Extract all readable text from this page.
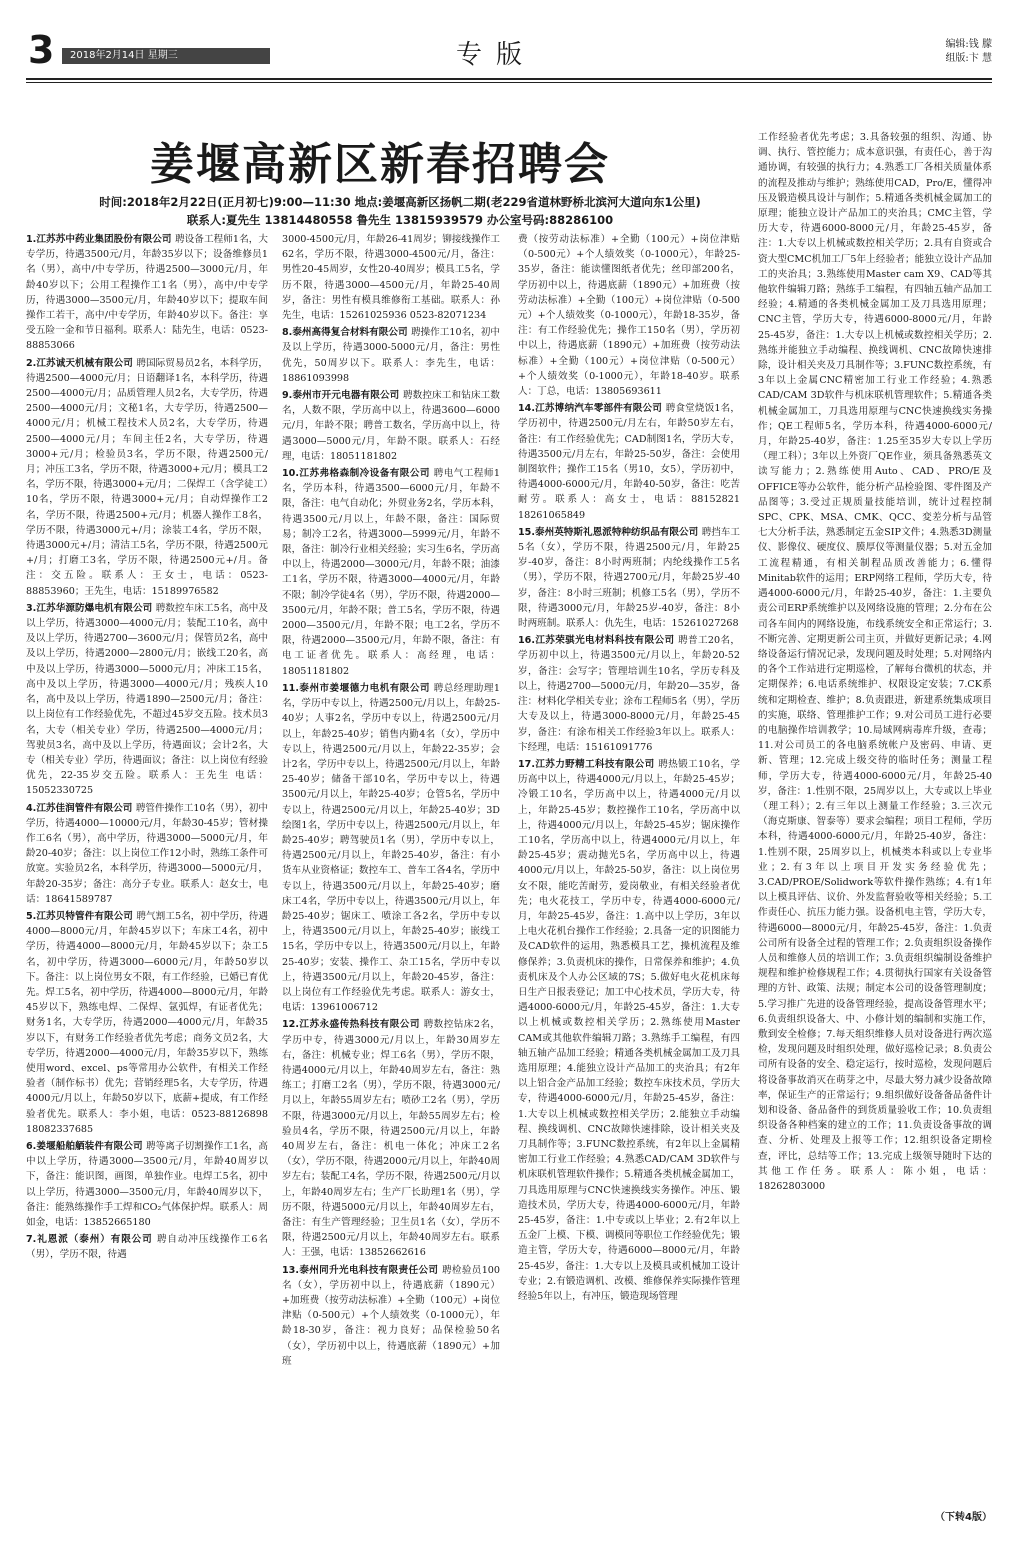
3	2018年2月14日 星期三	专版	编辑:钱 朦
组版:卞 慧
姜堰高新区新春招聘会
时间:2018年2月22日(正月初七)9:00—11:30 地点:姜堰高新区扬帆二期(老229省道林野桥北滨河大道向东1公里)
联系人:夏先生 13814480558 鲁先生 13815939579 办公室号码:88286100

1.江苏苏中药业集团股份有限公司 聘设备工程师1名，大专学历，待遇3500元/月，年龄35岁以下；设备维修员1名（男），高中/中专学历，待遇2500—3000元/月，年龄40岁以下；公用工程操作工1名（男），高中/中专学历，待遇3000—3500元/月，年龄40岁以下；提取车间操作工若干，高中/中专学历，年龄40岁以下。备注：享受五险一金和节日福利。联系人：陆先生，电话：0523-88853066

2.江苏诚天机械有限公司 聘国际贸易员2名，本科学历，待遇2500—4000元/月；日语翻译1名，本科学历，待遇2500—4000元/月；品质管理人员2名，大专学历，待遇2500—4000元/月；文秘1名，大专学历，待遇2500—4000元/月；机械工程技术人员2名，大专学历，待遇2500—4000元/月；车间主任2名，大专学历，待遇3000+元/月；检验员3名，学历不限，待遇2500元/月；冲压工3名，学历不限，待遇3000+元/月；模具工2名，学历不限，待遇3000+元/月；二保焊工（含学徒工）10名，学历不限，待遇3000+元/月；自动焊操作工2名，学历不限，待遇2500+元/月；机器人操作工8名，学历不限，待遇3000元+/月；涂装工4名，学历不限，待遇3000元+/月；清洁工5名，学历不限，待遇2500元+/月；打磨工3名，学历不限，待遇2500元+/月。备注：交五险。联系人：王女士，电话：0523-88853960；王先生，电话：15189976582

3.江苏华源防爆电机有限公司 聘数控车床工5名，高中及以上学历，待遇3000—4000元/月；装配工10名，高中及以上学历，待遇2700—3600元/月；保管员2名，高中及以上学历，待遇2000—2800元/月；嵌线工20名，高中及以上学历，待遇3000—5000元/月；冲床工15名，高中及以上学历，待遇3000—4000元/月；残疾人10名，高中及以上学历，待遇1890—2500元/月；备注：以上岗位有工作经验优先，不超过45岁交五险。技术员3名，大专（相关专业）学历，待遇2500—4000元/月；驾驶员3名，高中及以上学历，待遇面议；会计2名，大专（相关专业）学历，待遇面议；备注：以上岗位有经验优先，22-35岁交五险。联系人：王先生 电话：15052330725

4.江苏佳润管件有限公司 聘管件操作工10名（男），初中学历，待遇4000—10000元/月，年龄30-45岁；管材操作工6名（男），高中学历，待遇3000—5000元/月，年龄20-40岁；备注：以上岗位工作12小时，熟练工条件可放宽。实验员2名，本科学历，待遇3000—5000元/月，年龄20-35岁；备注：高分子专业。联系人：赵女士，电话：18641589787

5.江苏贝特管件有限公司 聘气割工5名，初中学历，待遇4000—8000元/月，年龄45岁以下；车床工4名，初中学历，待遇4000—8000元/月，年龄45岁以下；杂工5名，初中学历，待遇3000—6000元/月，年龄50岁以下。备注：以上岗位男女不限，有工作经验，已婚已育优先。焊工5名，初中学历，待遇4000—8000元/月，年龄45岁以下，熟练电焊、二保焊、氩弧焊，有证者优先；财务1名，大专学历，待遇2000—4000元/月，年龄35岁以下，有财务工作经验者优先考虑；商务文员2名，大专学历，待遇2000—4000元/月，年龄35岁以下，熟练使用word、excel、ps等常用办公软件，有相关工作经验者（制作标书）优先；营销经理5名，大专学历，待遇4000元/月以上，年龄50岁以下，底薪+提成，有工作经验者优先。联系人：李小姐，电话：0523-88126898 18082337685

6.姜堰船舶舾装件有限公司 聘等离子切割操作工1名，高中以上学历，待遇3000—3500元/月，年龄40周岁以下，备注：能识图，画图，单独作业。电焊工5名，初中以上学历，待遇3000—3500元/月，年龄40周岁以下，备注：能熟练操作手工焊和CO₂气体保护焊。联系人：周如金，电话：13852665180

7.礼恩派（泰州）有限公司 聘自动冲压线操作工6名（男），学历不限，待遇

3000-4500元/月，年龄26-41周岁；铆接线操作工62名，学历不限，待遇3000-4500元/月，备注：男性20-45周岁，女性20-40周岁；模具工5名，学历不限，待遇3000—4500元/月，年龄25-40周岁，备注：男性有模具维修衔工基础。联系人：孙先生，电话：15261025936 0523-82071234

8.泰州高得复合材料有限公司 聘操作工10名，初中及以上学历，待遇3000-5000元/月，备注：男性优先，50周岁以下。联系人：李先生，电话：18861093998

9.泰州市开元电器有限公司 聘数控床工和钻床工数名，人数不限，学历高中以上，待遇3600—6000元/月，年龄不限；聘普工数名，学历高中以上，待遇3000—5000元/月，年龄不限。联系人：石经理，电话：18051181802

10.江苏弗格森制冷设备有限公司 聘电气工程师1名，学历本科，待遇3500—6000元/月，年龄不限，备注：电气自动化；外贸业务2名，学历本科，待遇3500元/月以上，年龄不限，备注：国际贸易；制冷工2名，待遇3000—5999元/月，年龄不限，备注：制冷行业相关经验；实习生6名，学历高中以上，待遇2000—3000元/月，年龄不限；油漆工1名，学历不限，待遇3000—4000元/月，年龄不限；制冷学徒4名（男），学历不限，待遇2000—3500元/月，年龄不限；普工5名，学历不限，待遇2000—3500元/月，年龄不限；电工2名，学历不限，待遇2000—3500元/月，年龄不限，备注：有电工证者优先。联系人：高经理，电话：18051181802

11.泰州市姜堰德力电机有限公司 聘总经理助理1名，学历中专以上，待遇2500元/月以上，年龄25-40岁；人事2名，学历中专以上，待遇2500元/月以上，年龄25-40岁；销售内勤4名（女），学历中专以上，待遇2500元/月以上，年龄22-35岁；会计2名，学历中专以上，待遇2500元/月以上，年龄25-40岁；储备干部10名，学历中专以上，待遇3500元/月以上，年龄25-40岁；仓管5名，学历中专以上，待遇2500元/月以上，年龄25-40岁；3D绘图1名，学历中专以上，待遇2500元/月以上，年龄25-40岁；聘驾驶员1名（男），学历中专以上，待遇2500元/月以上，年龄25-40岁，备注：有小货车从业资格证；数控车工、普车工各4名，学历中专以上，待遇3500元/月以上，年龄25-40岁；磨床工4名，学历中专以上，待遇3500元/月以上，年龄25-40岁；锯床工、喷涂工各2名，学历中专以上，待遇3500元/月以上，年龄25-40岁；嵌线工15名，学历中专以上，待遇3500元/月以上，年龄25-40岁；安装、操作工、杂工15名，学历中专以上，待遇3500元/月以上，年龄20-45岁，备注：以上岗位有工作经验优先考虑。联系人：游女士，电话：13961006712

12.江苏永盛传热科技有限公司 聘数控钻床2名，学历中专，待遇3000元/月以上，年龄30周岁左右，备注：机械专业；焊工6名（男），学历不限，待遇4000元/月以上，年龄40周岁左右，备注：熟练工；打磨工2名（男），学历不限，待遇3000元/月以上，年龄55周岁左右；喷砂工2名（男），学历不限，待遇3000元/月以上，年龄55周岁左右；检验员4名，学历不限，待遇2500元/月以上，年龄40周岁左右，备注：机电一体化；冲床工2名（女），学历不限，待遇2000元/月以上，年龄40周岁左右；装配工4名，学历不限，待遇2500元/月以上，年龄40周岁左右；生产厂长助理1名（男），学历不限，待遇5000元/月以上，年龄40周岁左右，备注：有生产管理经验；卫生员1名（女），学历不限，待遇2500元/月以上，年龄40周岁左右。联系人：王强，电话：13852662616

13.泰州同升光电科技有限责任公司 聘检验员100名（女），学历初中以上，待遇底薪（1890元）+加班费（按劳动法标准）+全勤（100元）+岗位津贴（0-500元）+个人绩效奖（0-1000元），年龄18-30岁，备注：视力良好；品保检验50名（女），学历初中以上，待遇底薪（1890元）+加班

费（按劳动法标准）+全勤（100元）+岗位津贴（0-500元）+个人绩效奖（0-1000元），年龄25-35岁，备注：能读懂图纸者优先；丝印部200名，学历初中以上，待遇底薪（1890元）+加班费（按劳动法标准）+全勤（100元）+岗位津贴（0-500元）+个人绩效奖（0-1000元），年龄18-35岁，备注：有工作经验优先；操作工150名（男），学历初中以上，待遇底薪（1890元）+加班费（按劳动法标准）+全勤（100元）+岗位津贴（0-500元）+个人绩效奖（0-1000元），年龄18-40岁。联系人：丁总，电话：13805693611

14.江苏博纳汽车零部件有限公司 聘食堂烧饭1名，学历初中，待遇2500元/月左右，年龄50岁左右，备注：有工作经验优先；CAD制图1名，学历大专，待遇3500元/月左右，年龄25-50岁，备注：会使用制图软件；操作工15名（男10，女5），学历初中，待遇4000-6000元/月，年龄40-50岁，备注：吃苦耐劳。联系人：高女士，电话：88152821 18261065849

15.泰州英特斯礼恩派特种纺织品有限公司 聘挡车工5名（女），学历不限，待遇2500元/月，年龄25岁-40岁，备注：8小时两班制；内纶线操作工5名（男），学历不限，待遇2700元/月，年龄25岁-40岁，备注：8小时三班制；机修工5名（男），学历不限，待遇3000元/月，年龄25岁-40岁，备注：8小时两班制。联系人：仇先生，电话：15261027268

16.江苏荣骐光电材料科技有限公司 聘普工20名，学历初中以上，待遇3500元/月以上，年龄20-52岁，备注：会写字；管理培训生10名，学历专科及以上，待遇2700—5000元/月，年龄20—35岁，备注：材料化学相关专业；涂布工程师5名（男），学历大专及以上，待遇3000-8000元/月，年龄25-45岁，备注：有涂布相关工作经验3年以上。联系人：卞经理，电话：15161091776

17.江苏力野精工科技有限公司 聘热锻工10名，学历高中以上，待遇4000元/月以上，年龄25-45岁；冷锻工10名，学历高中以上，待遇4000元/月以上，年龄25-45岁；数控操作工10名，学历高中以上，待遇4000元/月以上，年龄25-45岁；锯床操作工10名，学历高中以上，待遇4000元/月以上，年龄25-45岁；震动抛光5名，学历高中以上，待遇4000元/月以上，年龄25-50岁，备注：以上岗位男女不限，能吃苦耐劳，爱岗敬业，有相关经验者优先；电火花技工，学历中专，待遇4000-6000元/月，年龄25-45岁，备注：1.高中以上学历，3年以上电火花机台操作工作经验；2.具备一定的识图能力及CAD软件的运用，熟悉模具工艺，操机流程及维修保养；3.负责机床的操作，日常保养和维护；4.负责机床及个人办公区域的7S；5.做好电火花机床每日生产日报表登记；加工中心技术员，学历大专，待遇4000-6000元/月，年龄25-45岁，备注：1.大专以上机械或数控相关学历；2.熟练使用Master CAM或其他软件编辑刀路；3.熟练手工编程，有四轴五轴产品加工经验；精通各类机械金属加工及刀具选用原理；4.能独立设计产品加工的夹治具；有2年以上铝合金产品加工经验；数控车床技术员，学历大专，待遇4000-6000元/月，年龄25-45岁，备注：1.大专以上机械或数控相关学历；2.能独立手动编程、换线调机、CNC故障快速排除，设计相关夹及刀具制作等；3.FUNC数控系统，有2年以上金属精密加工行业工作经验；4.熟悉CAD/CAM 3D软件与机床联机管理软件操作；5.精通各类机械金属加工，刀具选用原理与CNC快速换线实务操作。冲压、锻造技术员，学历大专，待遇4000-6000元/月，年龄25-45岁，备注：1.中专或以上毕业；2.有2年以上五金厂上模、下模、调模同等职位工作经验优先；锻造主管，学历大专，待遇6000—8000元/月，年龄25-45岁，备注：1.大专以上及模具或机械加工设计专业；2.有锻造调机、改模、维修保养实际操作管理经验5年以上，有冲压，锻造现场管理

工作经验者优先考虑；3.具备较强的组织、沟通、协调、执行、管控能力；成本意识强，有责任心，善于沟通协调，有较强的执行力；4.熟悉工厂各相关质量体系的流程及推动与维护；熟练使用CAD，Pro/E，懂得冲压及锻造模具设计与制作；5.精通各类机械金属加工的原理；能独立设计产品加工的夹治具；CMC主管，学历大专，待遇6000-8000元/月，年龄25-45岁，备注：1.大专以上机械或数控相关学历；2.具有自资或合资大型CMC机加工厂5年上经验者；能独立设计产品加工的夹治具；3.熟练使用Master cam X9、CAD等其他软件编辑刀路；熟练手工编程，有四轴五轴产品加工经验；4.精通的各类机械金属加工及刀具选用原理；CNC主管，学历大专，待遇6000-8000元/月，年龄25-45岁，备注：1.大专以上机械或数控相关学历；2.熟练并能独立手动编程、换线调机、CNC故障快速排除，设计相关夹及刀具制作等；3.FUNC数控系统，有3年以上金属CNC精密加工行业工作经验；4.熟悉CAD/CAM 3D软件与机床联机管理软件；5.精通各类机械金属加工，刀具选用原理与CNC快速换线实务操作；QE工程师5名，学历本科，待遇4000-6000元/月，年龄25-40岁，备注：1.25至35岁大专以上学历（理工科）；3年以上外资厂QE作业，须具备熟悉英文读写能力；2.熟练使用Auto、CAD、PRO/E及OFFICE等办公软件，能分析产品检验图、零件图及产品图等；3.受过正规质量技能培训，统计过程控制SPC、CPK、MSA、CMK、QCC、変差分析与品管七大分析手法，熟悉制定五金SIP文件；4.熟悉3D测量仪、影像仪、硬度仪、膜厚仪等测量仪器；5.对五金加工流程精通，有相关制程品质改善能力；6.懂得Minitab软件的运用；ERP网络工程师，学历大专，待遇4000-6000元/月，年龄25-40岁，备注：1.主要负责公司ERP系统维护以及网络设施的管理；2.分布在公司各车间内的网络设施，布线系统安全和正常运行；3.不断完善、定期更新公司主页，并做好更新记录；4.网络设备运行情况记录，发现问题及时处理；5.对网络内的各个工作站进行定期巡检，了解每台微机的状态，并定期保养；6.电话系统维护、权限设定安装；7.CK系统和定期检查、维护；8.负责跟进，新建系统集成项目的实施，联络、管理推护工作；9.对公司员工进行必要的电脑操作培训教学；10.局域网病毒库升级，查毒；11.对公司员工的各电脑系统帐户及密码、申请、更新、管理；12.完成上级交待的临时任务；测量工程师，学历大专，待遇4000-6000元/月，年龄25-40岁，备注：1.性别不限，25周岁以上，大专或以上毕业（理工科）；2.有三年以上测量工作经验；3.三次元（海克斯康、智泰等）要求会编程；项目工程师，学历本科，待遇4000-6000元/月，年龄25-40岁，备注：1.性别不限，25周岁以上，机械类本科或以上专业毕业；2.有3年以上项目开发实务经验优先；3.CAD/PROE/Solidwork等软件操作熟练；4.有1年以上模具评估、议价、外发监督验收等相关经验；5.工作责任心、抗压力能力强。设备机电主管，学历大专，待遇6000—8000元/月，年龄25-45岁，备注：1.负责公司所有设备全过程的管理工作；2.负责组织设备操作人员和维修人员的培训工作；3.负责组织编制设备维护规程和维护检修规程工作；4.贯彻执行国家有关设备管理的方针、政策、法规；制定本公司的设备管理制度；5.学习推广先进的设备管理经验，提高设备管理水平；6.负责组织设备大、中、小修计划的编制和实施工作，敷到安全检修；7.每天组织维修人员对设备进行两次巡检，发现问题及时组织处理，做好巡检记录；8.负责公司所有设备的安全、稳定运行，按时巡检，发现问题后将设备事故消灭在萌芽之中，尽最大努力减少设备故障率，保证生产的正常运行；9.组织做好设备备品备件计划和设备、备品备件的到货质量验收工作；10.负责组织设备各种档案的建立的工作；11.负责设备事故的调查、分析、处理及上报等工作；12.组织设备定期检查，评比，总结等工作；13.完成上级领导随时下达的其他工作任务。联系人：陈小姐，电话：18262803000

（下转4版）
